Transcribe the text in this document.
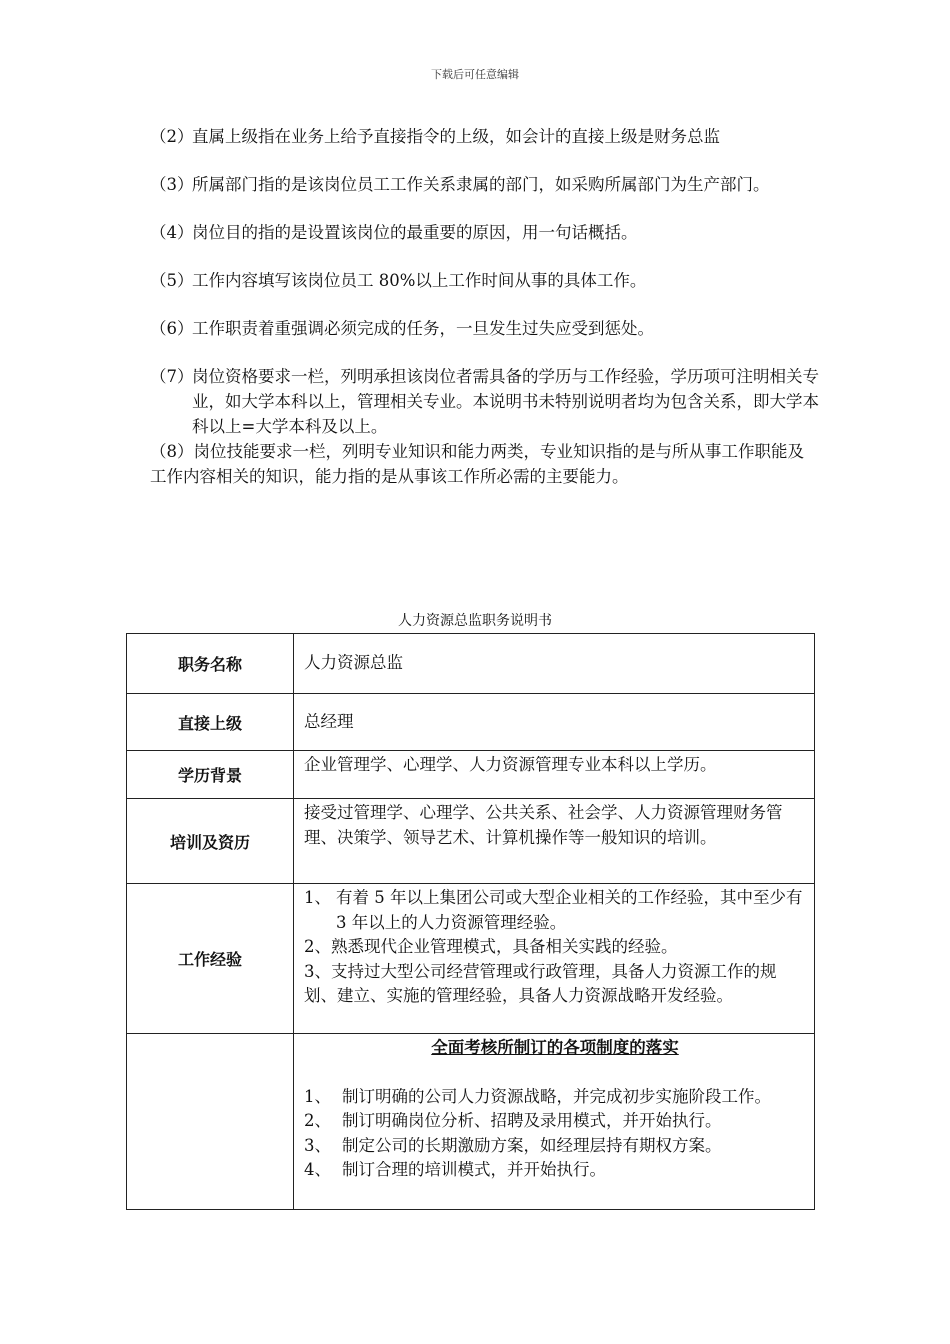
下载后可任意编辑
（2）
直属上级指在业务上给予直接指令的上级，如会计的直接上级是财务总监
（3）
所属部门指的是该岗位员工工作关系隶属的部门，如采购所属部门为生产部门。
（4）
岗位目的指的是设置该岗位的最重要的原因，用一句话概括。
（5）
工作内容填写该岗位员工 80%以上工作时间从事的具体工作。
（6）
工作职责着重强调必须完成的任务，一旦发生过失应受到惩处。
（7）
岗位资格要求一栏，列明承担该岗位者需具备的学历与工作经验，学历项可注明相关专业，如大学本科以上，管理相关专业。本说明书未特别说明者均为包含关系，即大学本科以上=大学本科及以上。
（8）岗位技能要求一栏，列明专业知识和能力两类，专业知识指的是与所从事工作职能及工作内容相关的知识，能力指的是从事该工作所必需的主要能力。
人力资源总监职务说明书
职务名称	人力资源总监
直接上级	总经理
学历背景	企业管理学、心理学、人力资源管理专业本科以上学历。
培训及资历	接受过管理学、心理学、公共关系、社会学、人力资源管理财务管理、决策学、领导艺术、计算机操作等一般知识的培训。
工作经验	1、 有着 5 年以上集团公司或大型企业相关的工作经验，其中至少有 3 年以上的人力资源管理经验。
2、熟悉现代企业管理模式，具备相关实践的经验。
3、支持过大型公司经营管理或行政管理，具备人力资源工作的规划、建立、实施的管理经验，具备人力资源战略开发经验。

	全面考核所制订的各项制度的落实
1、 制订明确的公司人力资源战略，并完成初步实施阶段工作。
2、 制订明确岗位分析、招聘及录用模式，并开始执行。
3、 制定公司的长期激励方案，如经理层持有期权方案。
4、 制订合理的培训模式，并开始执行。
